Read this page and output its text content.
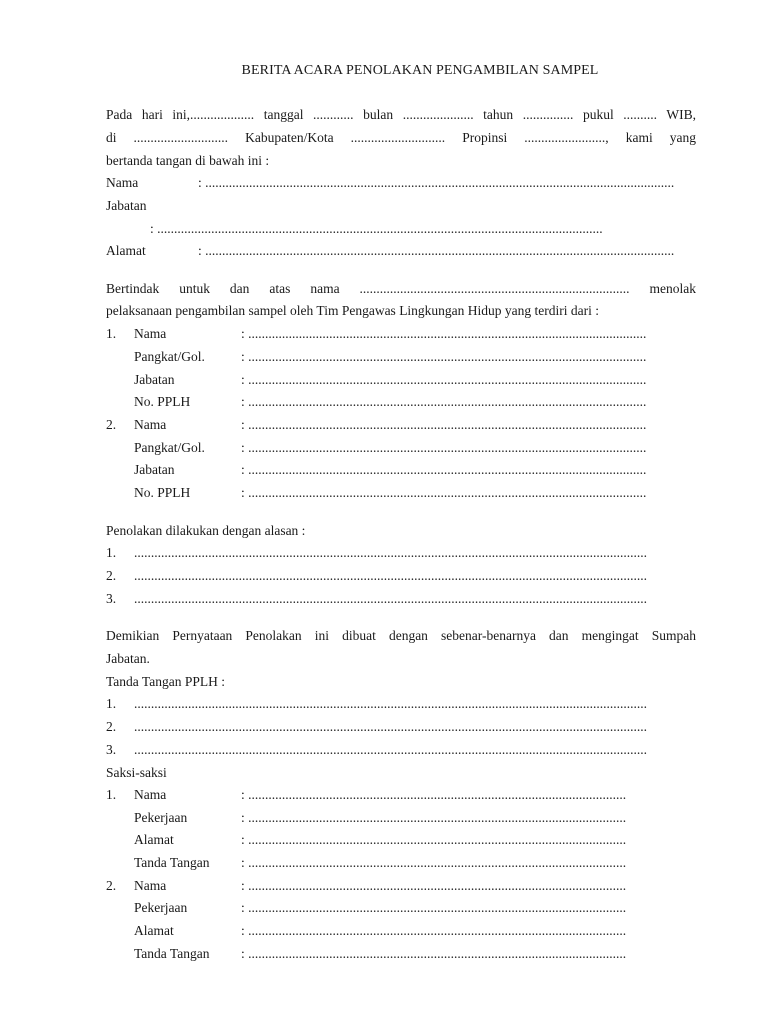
BERITA ACARA PENOLAKAN PENGAMBILAN SAMPEL
Pada hari ini,................... tanggal ............ bulan ..................... tahun ............... pukul .......... WIB,
di ............................ Kabupaten/Kota ............................ Propinsi ........................, kami yang
bertanda tangan di bawah ini :
Nama	: ...........................................................................................................................................
Jabatan
: ....................................................................................................................................
Alamat	: ...........................................................................................................................................
Bertindak untuk dan atas nama ................................................................................ menolak
pelaksanaan pengambilan sampel oleh Tim Pengawas Lingkungan Hidup yang terdiri dari :
1. Nama	: ......................................................................................................................
Pangkat/Gol.	: ......................................................................................................................
Jabatan	: ......................................................................................................................
No. PPLH	: ......................................................................................................................
2. Nama	: ......................................................................................................................
Pangkat/Gol.	: ......................................................................................................................
Jabatan	: ......................................................................................................................
No. PPLH	: ......................................................................................................................
Penolakan dilakukan dengan alasan :
1. ........................................................................................................................................................
2. ........................................................................................................................................................
3. ........................................................................................................................................................
Demikian Pernyataan Penolakan ini dibuat dengan sebenar-benarnya dan mengingat Sumpah
Jabatan.
Tanda Tangan PPLH :
1. ........................................................................................................................................................
2. ........................................................................................................................................................
3. ........................................................................................................................................................
Saksi-saksi
1. Nama	: ................................................................................................................
Pekerjaan	: ................................................................................................................
Alamat	: ................................................................................................................
Tanda Tangan : ................................................................................................................
2. Nama	: ................................................................................................................
Pekerjaan	: ................................................................................................................
Alamat	: ................................................................................................................
Tanda Tangan : ................................................................................................................
